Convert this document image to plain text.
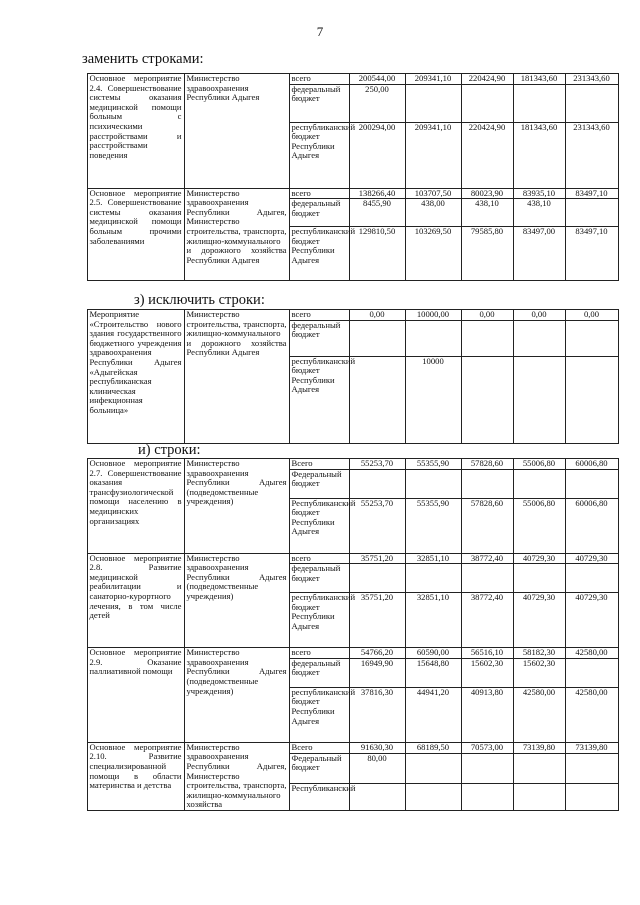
7
заменить строками:
	Основное мероприятие 2.4. Совершенствование системы оказания медицинской помощи больным с психическими расстройствами и расстройствами поведения	Министерство здравоохранения Республики Адыгея	всего	200544,00	209341,10	220424,90	181343,60	231343,60
			федеральный бюджет	250,00				
			республиканский бюджет Республики Адыгея	200294,00	209341,10	220424,90	181343,60	231343,60
	Основное мероприятие 2.5. Совершенствование системы оказания медицинской помощи больным прочими заболеваниями	Министерство здравоохранения Республики Адыгея, Министерство строительства, транспорта, жилищно-коммунального и дорожного хозяйства Республики Адыгея	всего	138266,40	103707,50	80023,90	83935,10	83497,10
			федеральный бюджет	8455,90	438,00	438,10	438,10	
			республиканский бюджет Республики Адыгея	129810,50	103269,50	79585,80	83497,00	83497,10
з) исключить строки:
	Мероприятие «Строительство нового здания государственного бюджетного учреждения здравоохранения Республики Адыгея «Адыгейская республиканская клиническая инфекционная больница»	Министерство строительства, транспорта, жилищно-коммунального и дорожного хозяйства Республики Адыгея	всего	0,00	10000,00	0,00	0,00	0,00
			федеральный бюджет					
			республиканский бюджет Республики Адыгея		10000			
и) строки:
	Основное мероприятие 2.7. Совершенствование оказания трансфузиологической помощи населению в медицинских организациях	Министерство здравоохранения Республики Адыгея (подведомственные учреждения)	Всего	55253,70	55355,90	57828,60	55006,80	60006,80
			Федеральный бюджет					
			Республиканский бюджет Республики Адыгея	55253,70	55355,90	57828,60	55006,80	60006,80
	Основное мероприятие 2.8. Развитие медицинской реабилитации и санаторно-курортного лечения, в том числе детей	Министерство здравоохранения Республики Адыгея (подведомственные учреждения)	всего	35751,20	32851,10	38772,40	40729,30	40729,30
			федеральный бюджет					
			республиканский бюджет Республики Адыгея	35751,20	32851,10	38772,40	40729,30	40729,30
	Основное мероприятие 2.9. Оказание паллиативной помощи	Министерство здравоохранения Республики Адыгея (подведомственные учреждения)	всего	54766,20	60590,00	56516,10	58182,30	42580,00
			федеральный бюджет	16949,90	15648,80	15602,30	15602,30	
			республиканский бюджет Республики Адыгея	37816,30	44941,20	40913,80	42580,00	42580,00
	Основное мероприятие 2.10. Развитие специализированной помощи в области материнства и детства	Министерство здравоохранения Республики Адыгея, Министерство строительства, транспорта, жилищно-коммунального хозяйства	Всего	91630,30	68189,50	70573,00	73139,80	73139,80
			Федеральный бюджет	80,00				
			Республиканский					
